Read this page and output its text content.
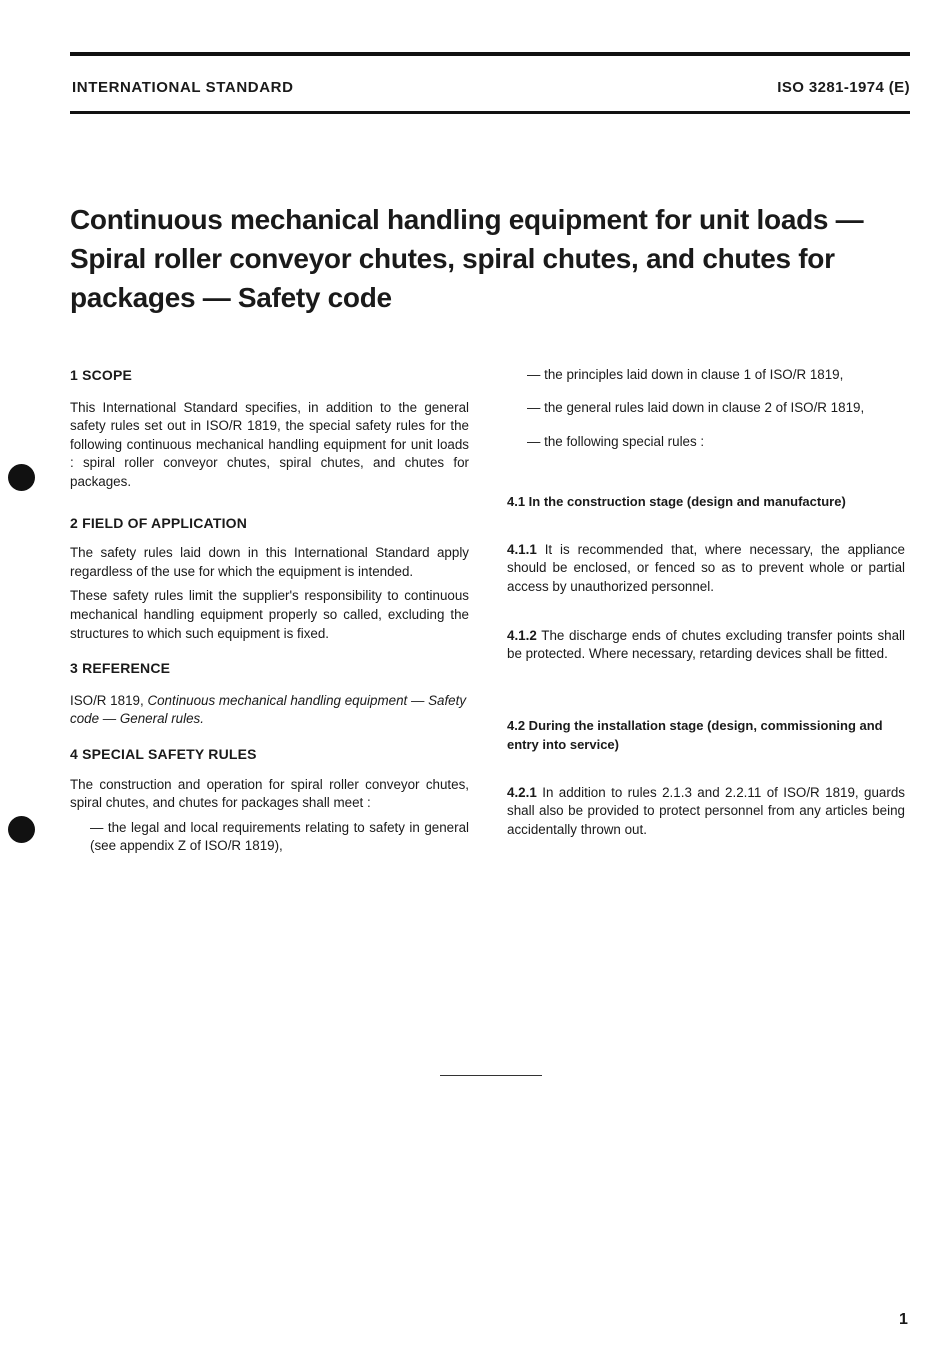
INTERNATIONAL STANDARD	ISO 3281-1974 (E)
Continuous mechanical handling equipment for unit loads —
Spiral roller conveyor chutes, spiral chutes, and chutes for
packages — Safety code
1 SCOPE

This International Standard specifies, in addition to the general safety rules set out in ISO/R 1819, the special safety rules for the following continuous mechanical handling equipment for unit loads : spiral roller conveyor chutes, spiral chutes, and chutes for packages.

2 FIELD OF APPLICATION

The safety rules laid down in this International Standard apply regardless of the use for which the equipment is intended.

These safety rules limit the supplier's responsibility to continuous mechanical handling equipment properly so called, excluding the structures to which such equipment is fixed.

3 REFERENCE

ISO/R 1819, Continuous mechanical handling equipment — Safety code — General rules.

4 SPECIAL SAFETY RULES

The construction and operation for spiral roller conveyor chutes, spiral chutes, and chutes for packages shall meet :

— the legal and local requirements relating to safety in general (see appendix Z of ISO/R 1819),

— the principles laid down in clause 1 of ISO/R 1819,

— the general rules laid down in clause 2 of ISO/R 1819,

— the following special rules :

4.1 In the construction stage (design and manufacture)

4.1.1 It is recommended that, where necessary, the appliance should be enclosed, or fenced so as to prevent whole or partial access by unauthorized personnel.

4.1.2 The discharge ends of chutes excluding transfer points shall be protected. Where necessary, retarding devices shall be fitted.

4.2 During the installation stage (design, commissioning and entry into service)

4.2.1 In addition to rules 2.1.3 and 2.2.11 of ISO/R 1819, guards shall also be provided to protect personnel from any articles being accidentally thrown out.

1
